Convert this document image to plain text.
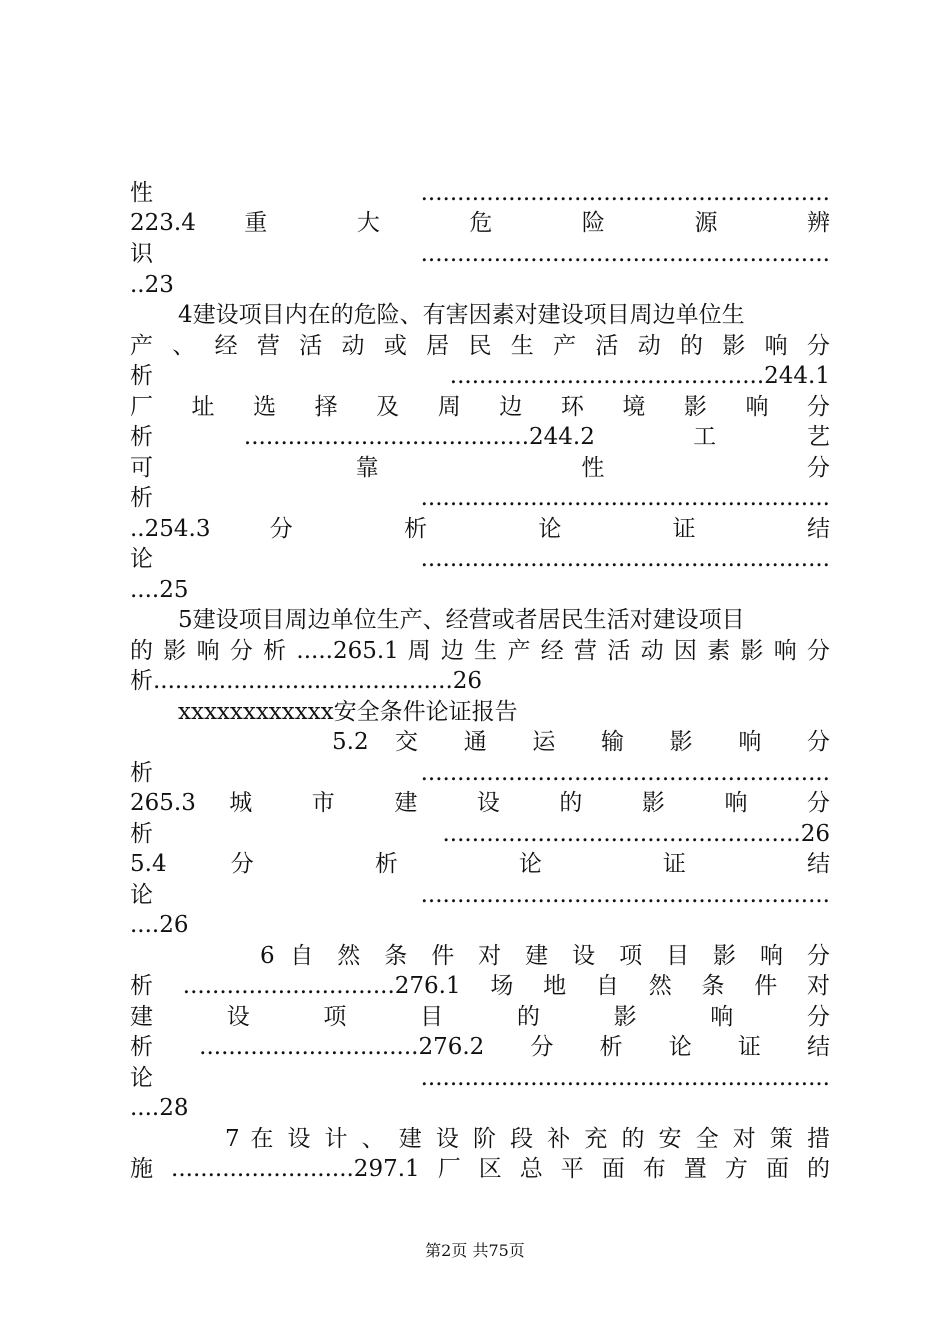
性........................................................
223.4 重 大 危 险 源 辨
识........................................................
..23
4建设项目内在的危险、有害因素对建设项目周边单位生
产 、 经 营 活 动 或 居 民 生 产 活 动 的 影 响 分
析 ...........................................244.1
厂 址 选 择 及 周 边 环 境 影 响 分
析.......................................244.2 工艺
可 靠 性 分
析........................................................
..254.3 分 析 论 证 结
论........................................................
....25
5建设项目周边单位生产、经营或者居民生活对建设项目
的 影 响 分 析 .....265.1 周 边 生 产 经 营 活 动 因 素 影 响 分
析.........................................26
xxxxxxxxxxxx安全条件论证报告
5.2 交 通 运 输 影 响 分
析........................................................
265.3 城 市 建 设 的 影 响 分
析.................................................26
5.4 分 析 论 证 结
论........................................................
....26
6 自 然 条 件 对 建 设 项 目 影 响 分
析.............................276.1场地自然条件对
建 设 项 目 的 影 响 分
析..............................276.2分析论证结
论........................................................
....28
7 在 设 计 、 建 设 阶 段 补 充 的 安 全 对 策 措
施.........................297.1厂区总平面布置方面的
第2页 共75页
